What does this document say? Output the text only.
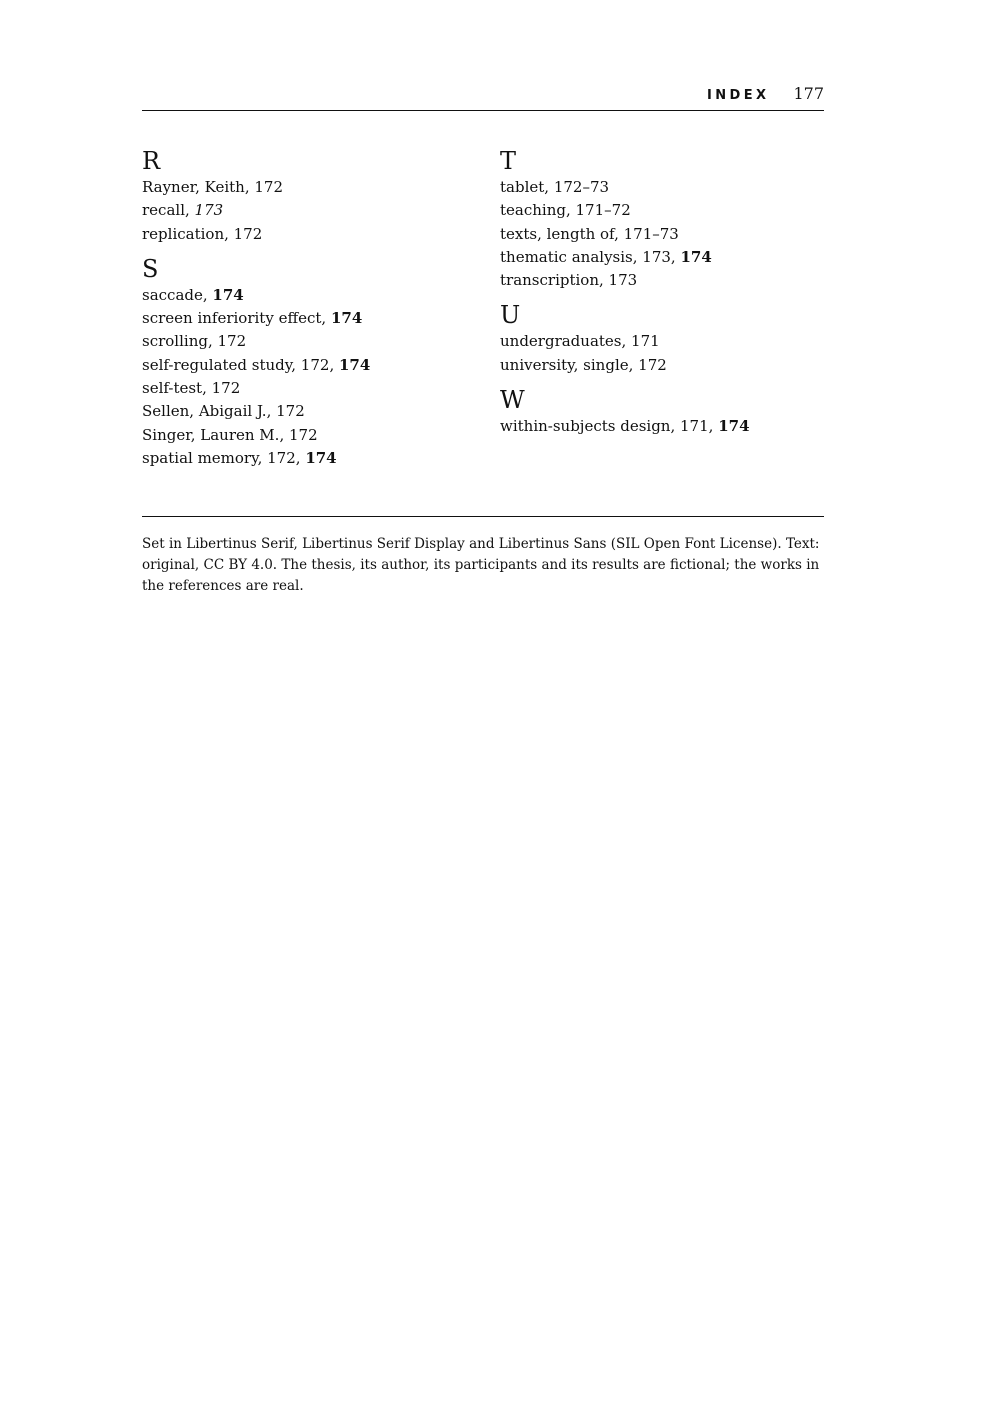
INDEX 177
R
Rayner, Keith, 172
recall, 173
replication, 172
S
saccade, 174
screen inferiority effect, 174
scrolling, 172
self-regulated study, 172, 174
self-test, 172
Sellen, Abigail J., 172
Singer, Lauren M., 172
spatial memory, 172, 174
T
tablet, 172–73
teaching, 171–72
texts, length of, 171–73
thematic analysis, 173, 174
transcription, 173
U
undergraduates, 171
university, single, 172
W
within-subjects design, 171, 174
Set in Libertinus Serif, Libertinus Serif Display and Libertinus Sans (SIL Open Font License). Text: original, CC BY 4.0. The thesis, its author, its participants and its results are fictional; the works in the references are real.
